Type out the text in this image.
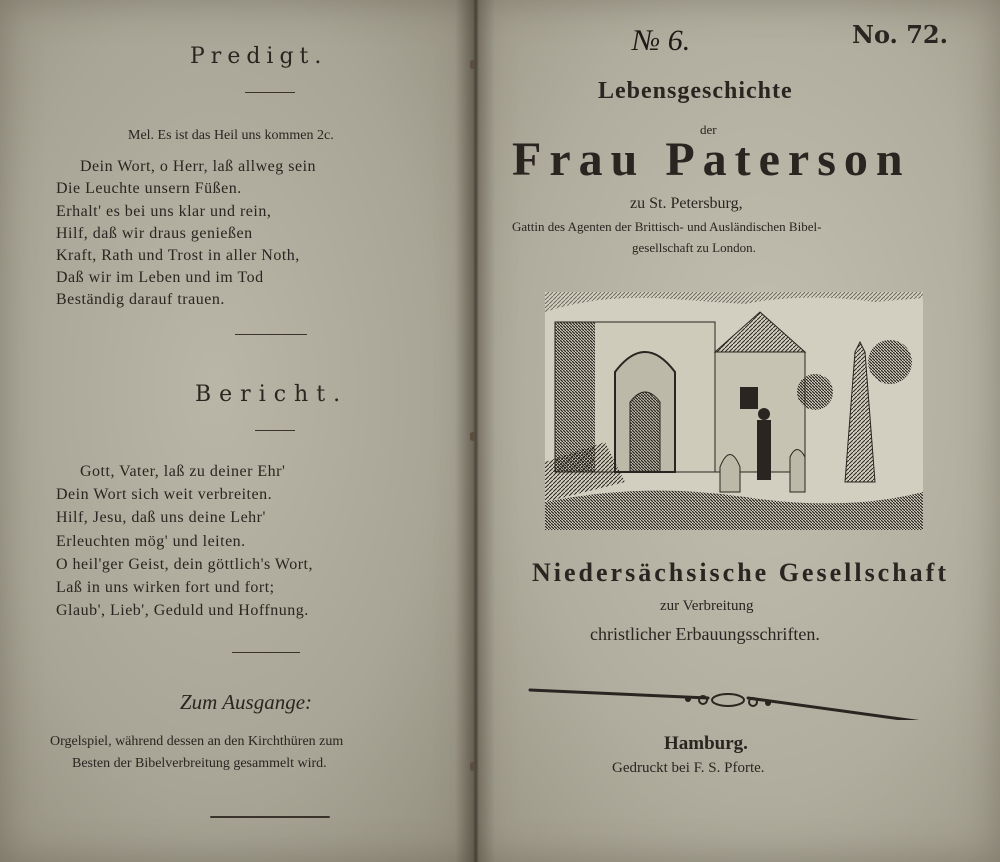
Predigt.
Mel. Es ist das Heil uns kommen 2c.
Dein Wort, o Herr, laß allweg sein
Die Leuchte unsern Füßen.
Erhalt' es bei uns klar und rein,
Hilf, daß wir draus genießen
Kraft, Rath und Trost in aller Noth,
Daß wir im Leben und im Tod
Beständig darauf trauen.
Bericht.
Gott, Vater, laß zu deiner Ehr'
Dein Wort sich weit verbreiten.
Hilf, Jesu, daß uns deine Lehr'
Erleuchten mög' und leiten.
O heil'ger Geist, dein göttlich's Wort,
Laß in uns wirken fort und fort;
Glaub', Lieb', Geduld und Hoffnung.
Zum Ausgange:
Orgelspiel, während dessen an den Kirchthüren zum
Besten der Bibelverbreitung gesammelt wird.
№ 6.	No. 72.
Lebensgeschichte
der
Frau Paterson
zu St. Petersburg,
Gattin des Agenten der Brittisch- und Ausländischen Bibel-
gesellschaft zu London.
Niedersächsische Gesellschaft
zur Verbreitung
christlicher Erbauungsschriften.
Hamburg.
Gedruckt bei F. S. Pforte.
